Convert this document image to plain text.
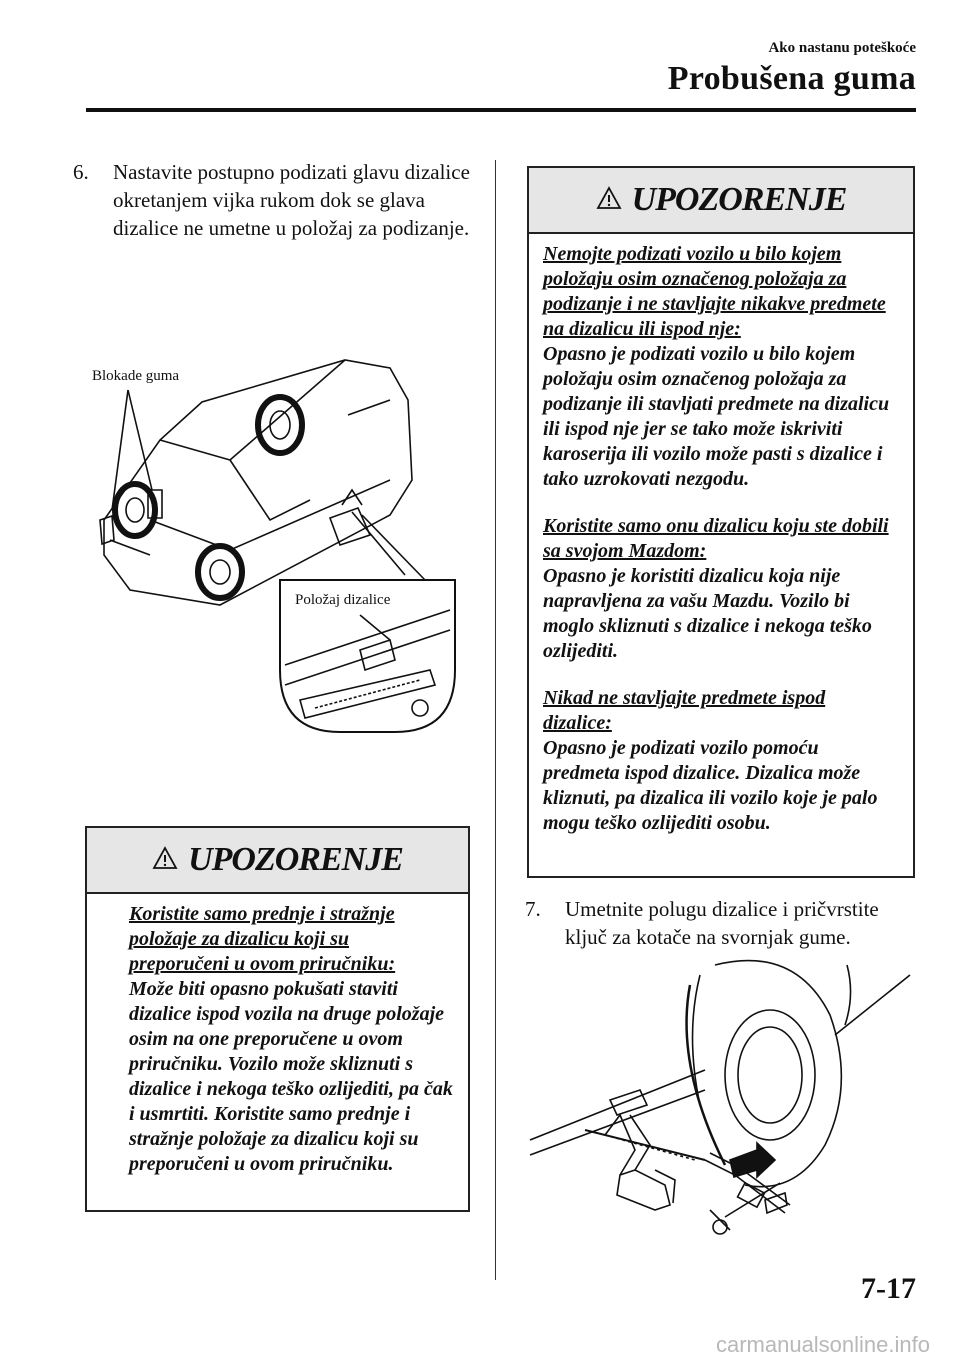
Ako nastanu poteškoće
Probušena guma
6. Nastavite postupno podizati glavu dizalice okretanjem vijka rukom dok se glava dizalice ne umetne u položaj za podizanje.
Blokade guma
Položaj dizalice
UPOZORENJE
Koristite samo prednje i stražnje položaje za dizalicu koji su preporučeni u ovom priručniku:
Može biti opasno pokušati staviti dizalice ispod vozila na druge položaje osim na one preporučene u ovom priručniku. Vozilo može skliznuti s dizalice i nekoga teško ozlijediti, pa čak i usmrtiti. Koristite samo prednje i stražnje položaje za dizalicu koji su preporučeni u ovom priručniku.
UPOZORENJE
Nemojte podizati vozilo u bilo kojem položaju osim označenog položaja za podizanje i ne stavljajte nikakve predmete na dizalicu ili ispod nje:
Opasno je podizati vozilo u bilo kojem položaju osim označenog položaja za podizanje ili stavljati predmete na dizalicu ili ispod nje jer se tako može iskriviti karoserija ili vozilo može pasti s dizalice i tako uzrokovati nezgodu.
Koristite samo onu dizalicu koju ste dobili sa svojom Mazdom:
Opasno je koristiti dizalicu koja nije napravljena za vašu Mazdu. Vozilo bi moglo skliznuti s dizalice i nekoga teško ozlijediti.
Nikad ne stavljajte predmete ispod dizalice:
Opasno je podizati vozilo pomoću predmeta ispod dizalice. Dizalica može kliznuti, pa dizalica ili vozilo koje je palo mogu teško ozlijediti osobu.
7. Umetnite polugu dizalice i pričvrstite ključ za kotače na svornjak gume.
7-17
carmanualsonline.info
